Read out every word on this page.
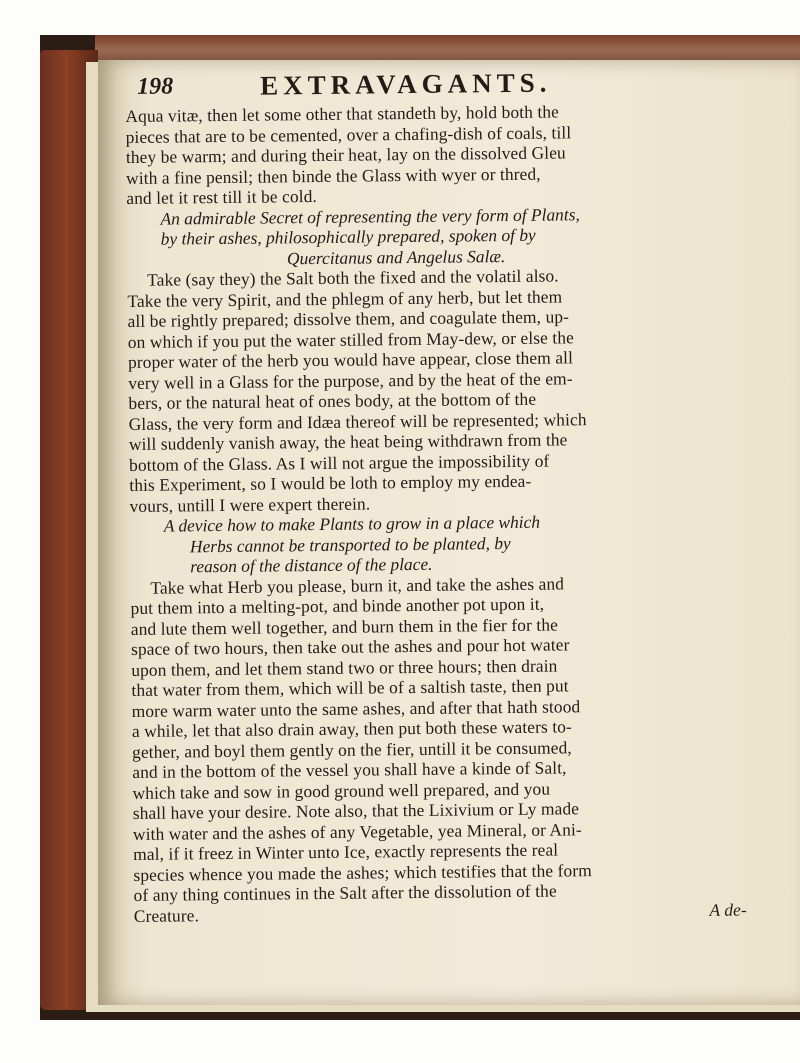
198	EXTRAVAGANTS.
Aqua vitæ, then let some other that standeth by, hold both the
pieces that are to be cemented, over a chafing-dish of coals, till
they be warm; and during their heat, lay on the dissolved Gleu
with a fine pensil; then binde the Glass with wyer or thred,
and let it rest till it be cold.
An admirable Secret of representing the very form of Plants,
by their ashes, philosophically prepared, spoken of by
Quercitanus and Angelus Salæ.
Take (say they) the Salt both the fixed and the volatil also.
Take the very Spirit, and the phlegm of any herb, but let them
all be rightly prepared; dissolve them, and coagulate them, up-
on which if you put the water stilled from May-dew, or else the
proper water of the herb you would have appear, close them all
very well in a Glass for the purpose, and by the heat of the em-
bers, or the natural heat of ones body, at the bottom of the
Glass, the very form and Idæa thereof will be represented; which
will suddenly vanish away, the heat being withdrawn from the
bottom of the Glass. As I will not argue the impossibility of
this Experiment, so I would be loth to employ my endea-
vours, untill I were expert therein.
A device how to make Plants to grow in a place which
Herbs cannot be transported to be planted, by
reason of the distance of the place.
Take what Herb you please, burn it, and take the ashes and
put them into a melting-pot, and binde another pot upon it,
and lute them well together, and burn them in the fier for the
space of two hours, then take out the ashes and pour hot water
upon them, and let them stand two or three hours; then drain
that water from them, which will be of a saltish taste, then put
more warm water unto the same ashes, and after that hath stood
a while, let that also drain away, then put both these waters to-
gether, and boyl them gently on the fier, untill it be consumed,
and in the bottom of the vessel you shall have a kinde of Salt,
which take and sow in good ground well prepared, and you
shall have your desire. Note also, that the Lixivium or Ly made
with water and the ashes of any Vegetable, yea Mineral, or Ani-
mal, if it freez in Winter unto Ice, exactly represents the real
species whence you made the ashes; which testifies that the form
of any thing continues in the Salt after the dissolution of the
Creature.	A de-
